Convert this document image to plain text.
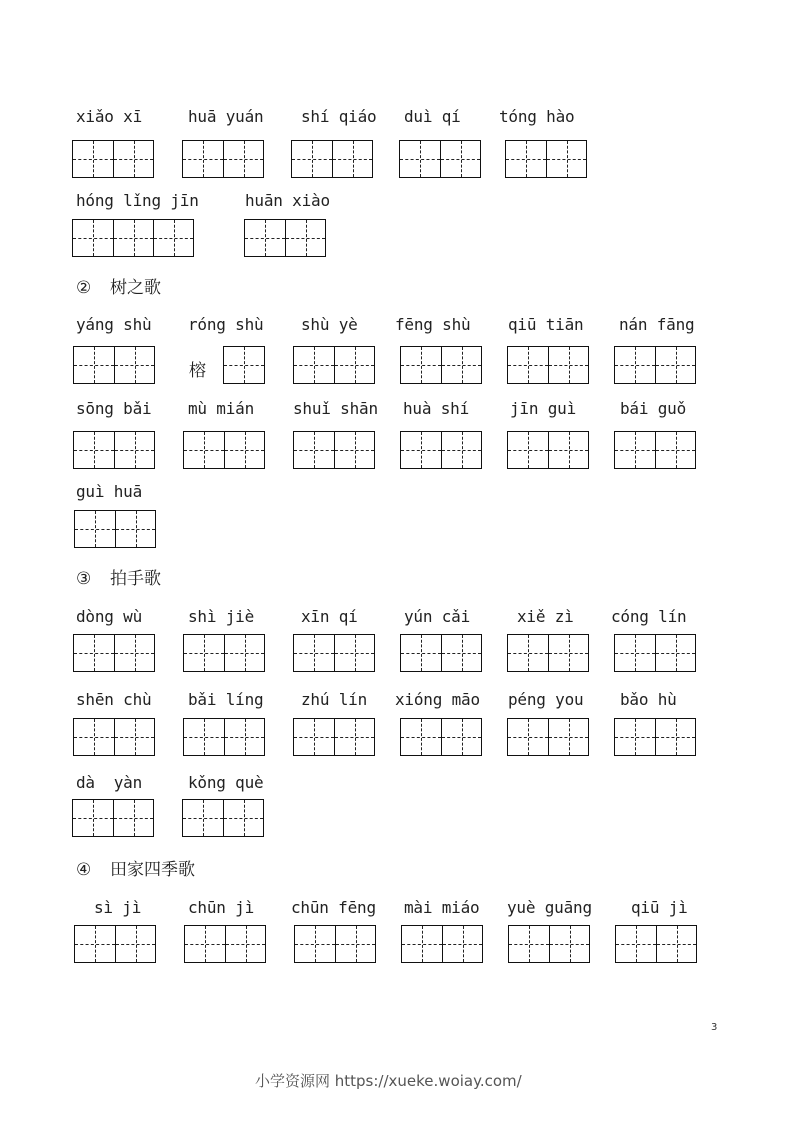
xiǎo xī	huā yuán shí qiáo duì qí tóng hào
hóng lǐng jīn	huān xiào
② 树之歌
yáng shù róng shù
榕
shù yè fēng shù qiū tiān nán fāng
sōng bǎi mù mián shuǐ shān huà shí	jīn guì	bái guǒ
guì huā
③ 拍手歌
dòng wù	shì jiè	xīn qí	yún cǎi	xiě zì cóng lín
shēn chù bǎi líng zhú lín xióng māo péng you bǎo hù
dà  yàn	kǒng què
④ 田家四季歌
sì jì	chūn jì chūn fēng mài miáo yuè guāng qiū jì
3
小学资源网 https://xueke.woiay.com/
